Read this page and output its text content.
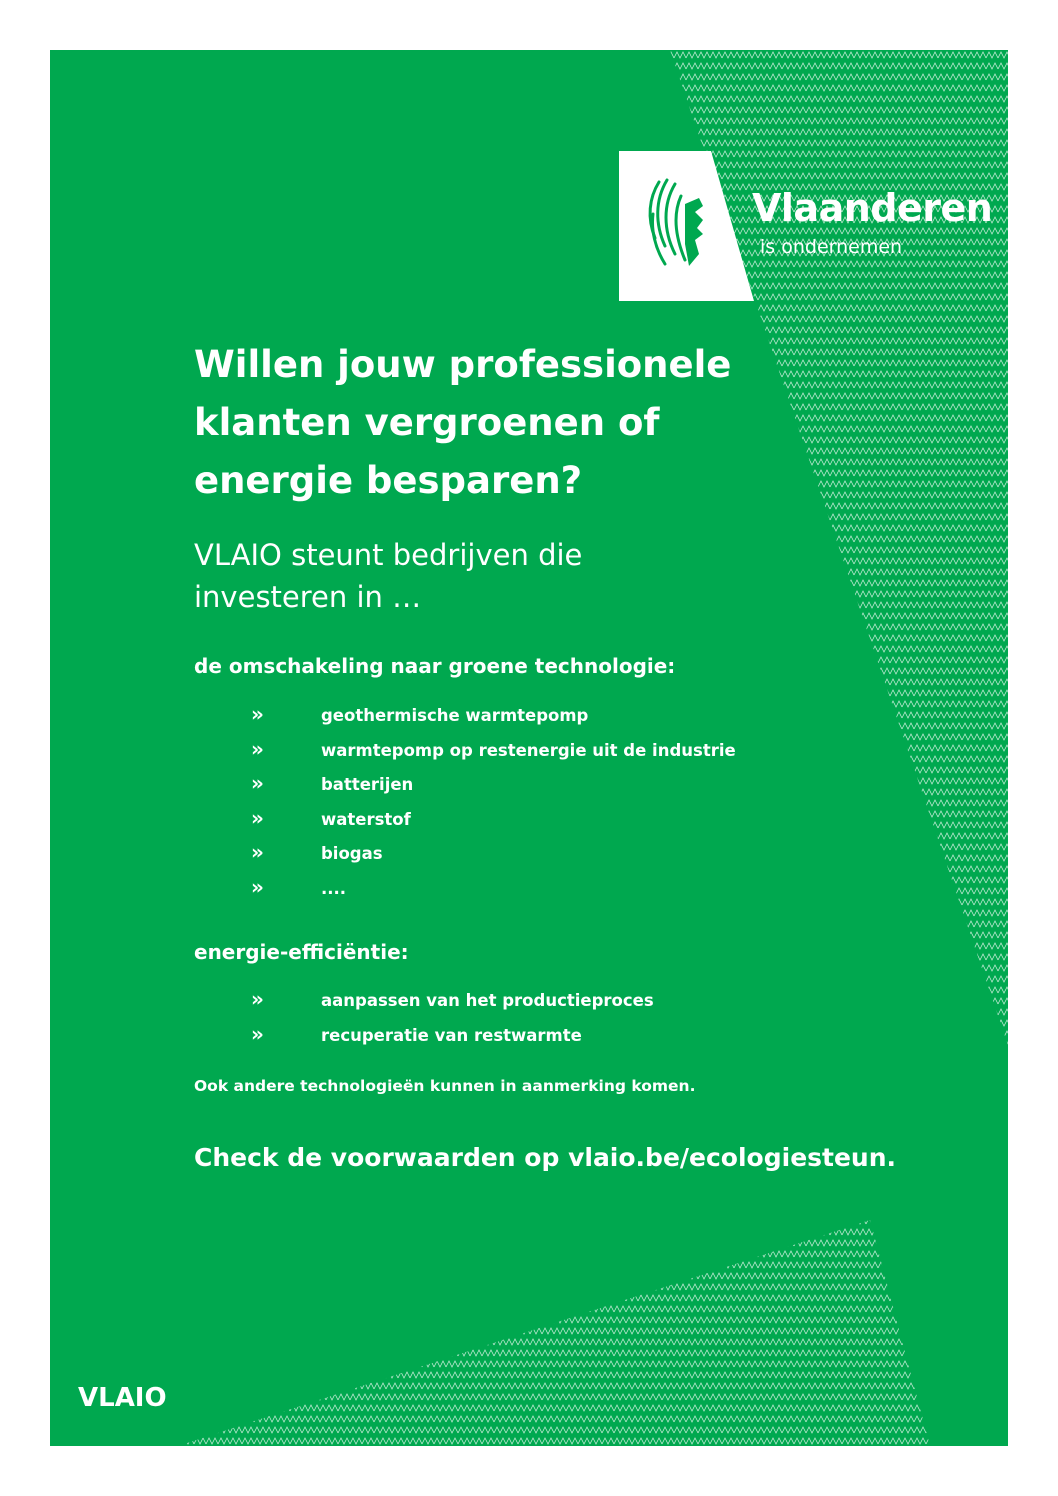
Vlaanderen
is ondernemen
Willen jouw professionele klanten vergroenen of energie besparen?

VLAIO steunt bedrijven die investeren in …

de omschakeling naar groene technologie:
»	geothermische warmtepomp
»	warmtepomp op restenergie uit de industrie
»	batterijen
»	waterstof
»	biogas
»	....
energie-efficiëntie:
»	aanpassen van het productieproces
»	recuperatie van restwarmte

Ook andere technologieën kunnen in aanmerking komen.

Check de voorwaarden op vlaio.be/ecologiesteun.

VLAIO
